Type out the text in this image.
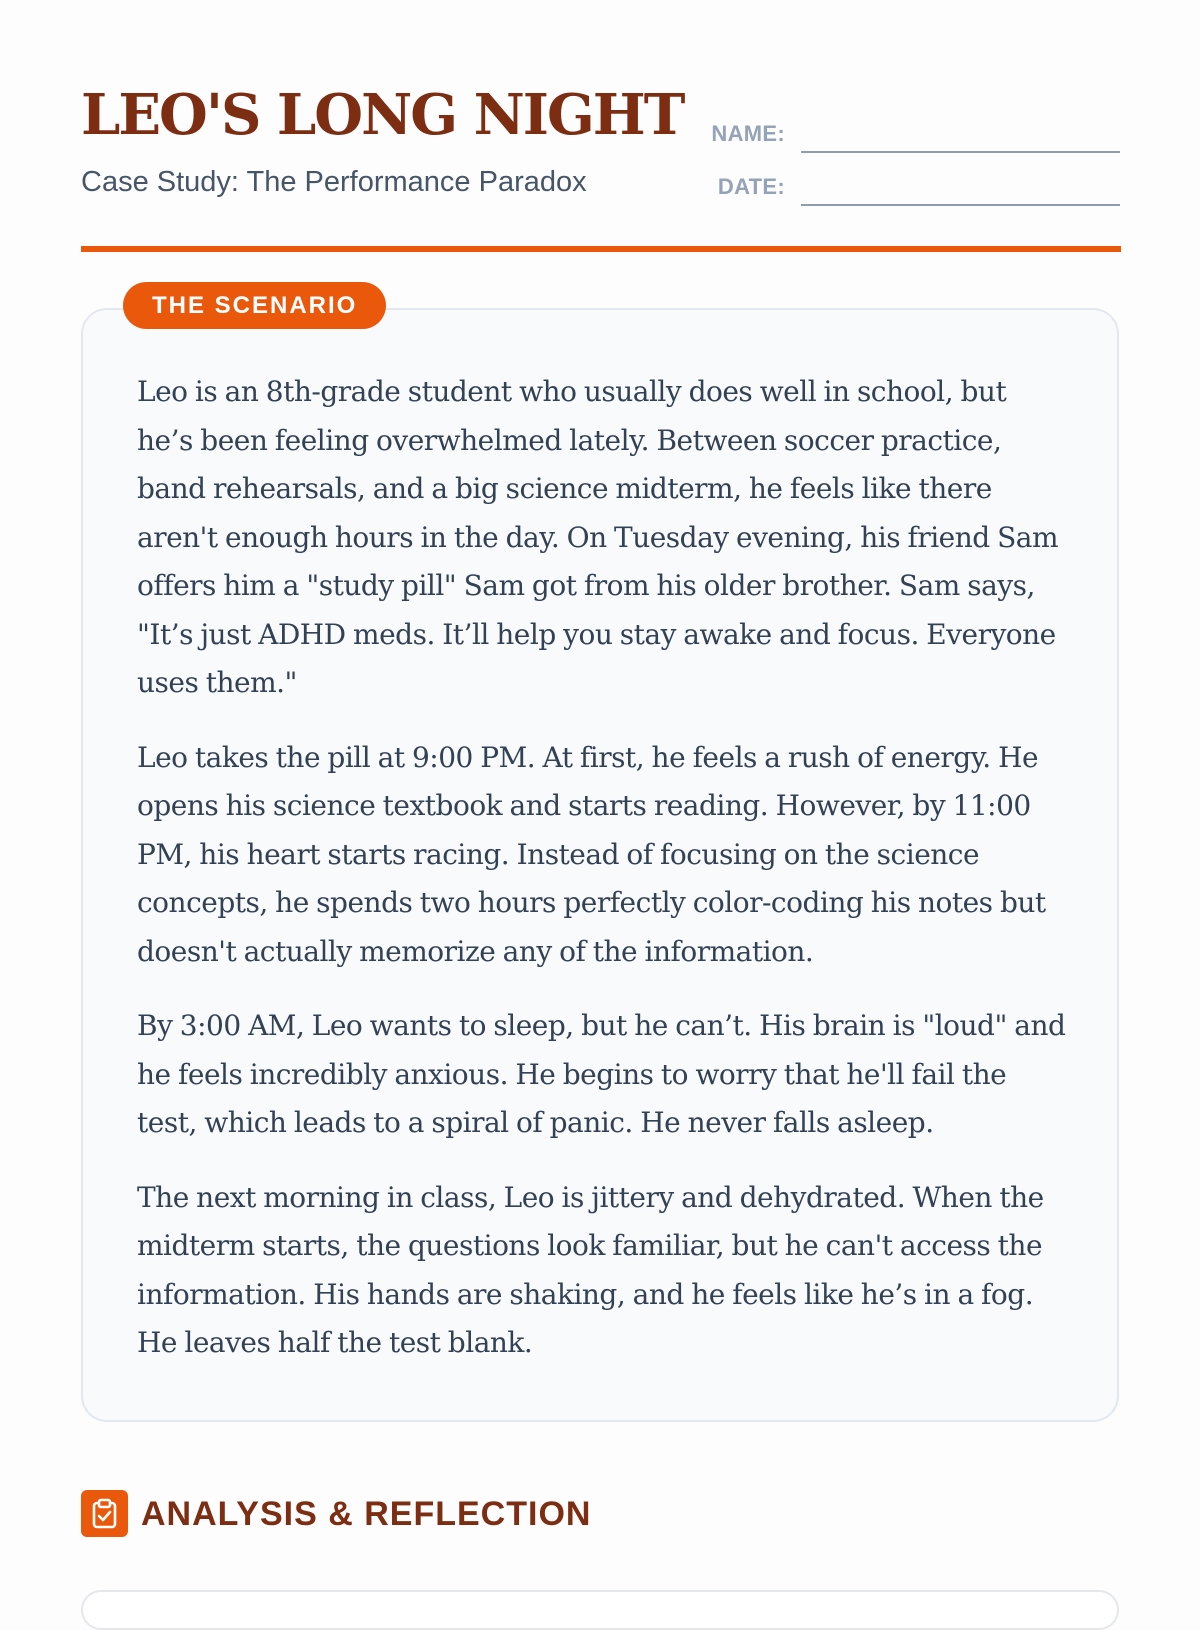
LEO'S LONG NIGHT
Case Study: The Performance Paradox
NAME:
DATE:

Leo is an 8th-grade student who usually does well in school, but he’s been feeling overwhelmed lately. Between soccer practice, band rehearsals, and a big science midterm, he feels like there aren't enough hours in the day. On Tuesday evening, his friend Sam offers him a "study pill" Sam got from his older brother. Sam says, "It’s just ADHD meds. It’ll help you stay awake and focus. Everyone uses them."

Leo takes the pill at 9:00 PM. At first, he feels a rush of energy. He opens his science textbook and starts reading. However, by 11:00 PM, his heart starts racing. Instead of focusing on the science concepts, he spends two hours perfectly color-coding his notes but doesn't actually memorize any of the information.

By 3:00 AM, Leo wants to sleep, but he can’t. His brain is "loud" and he feels incredibly anxious. He begins to worry that he'll fail the test, which leads to a spiral of panic. He never falls asleep.

The next morning in class, Leo is jittery and dehydrated. When the midterm starts, the questions look familiar, but he can't access the information. His hands are shaking, and he feels like he’s in a fog. He leaves half the test blank.

THE SCENARIO
ANALYSIS & REFLECTION
